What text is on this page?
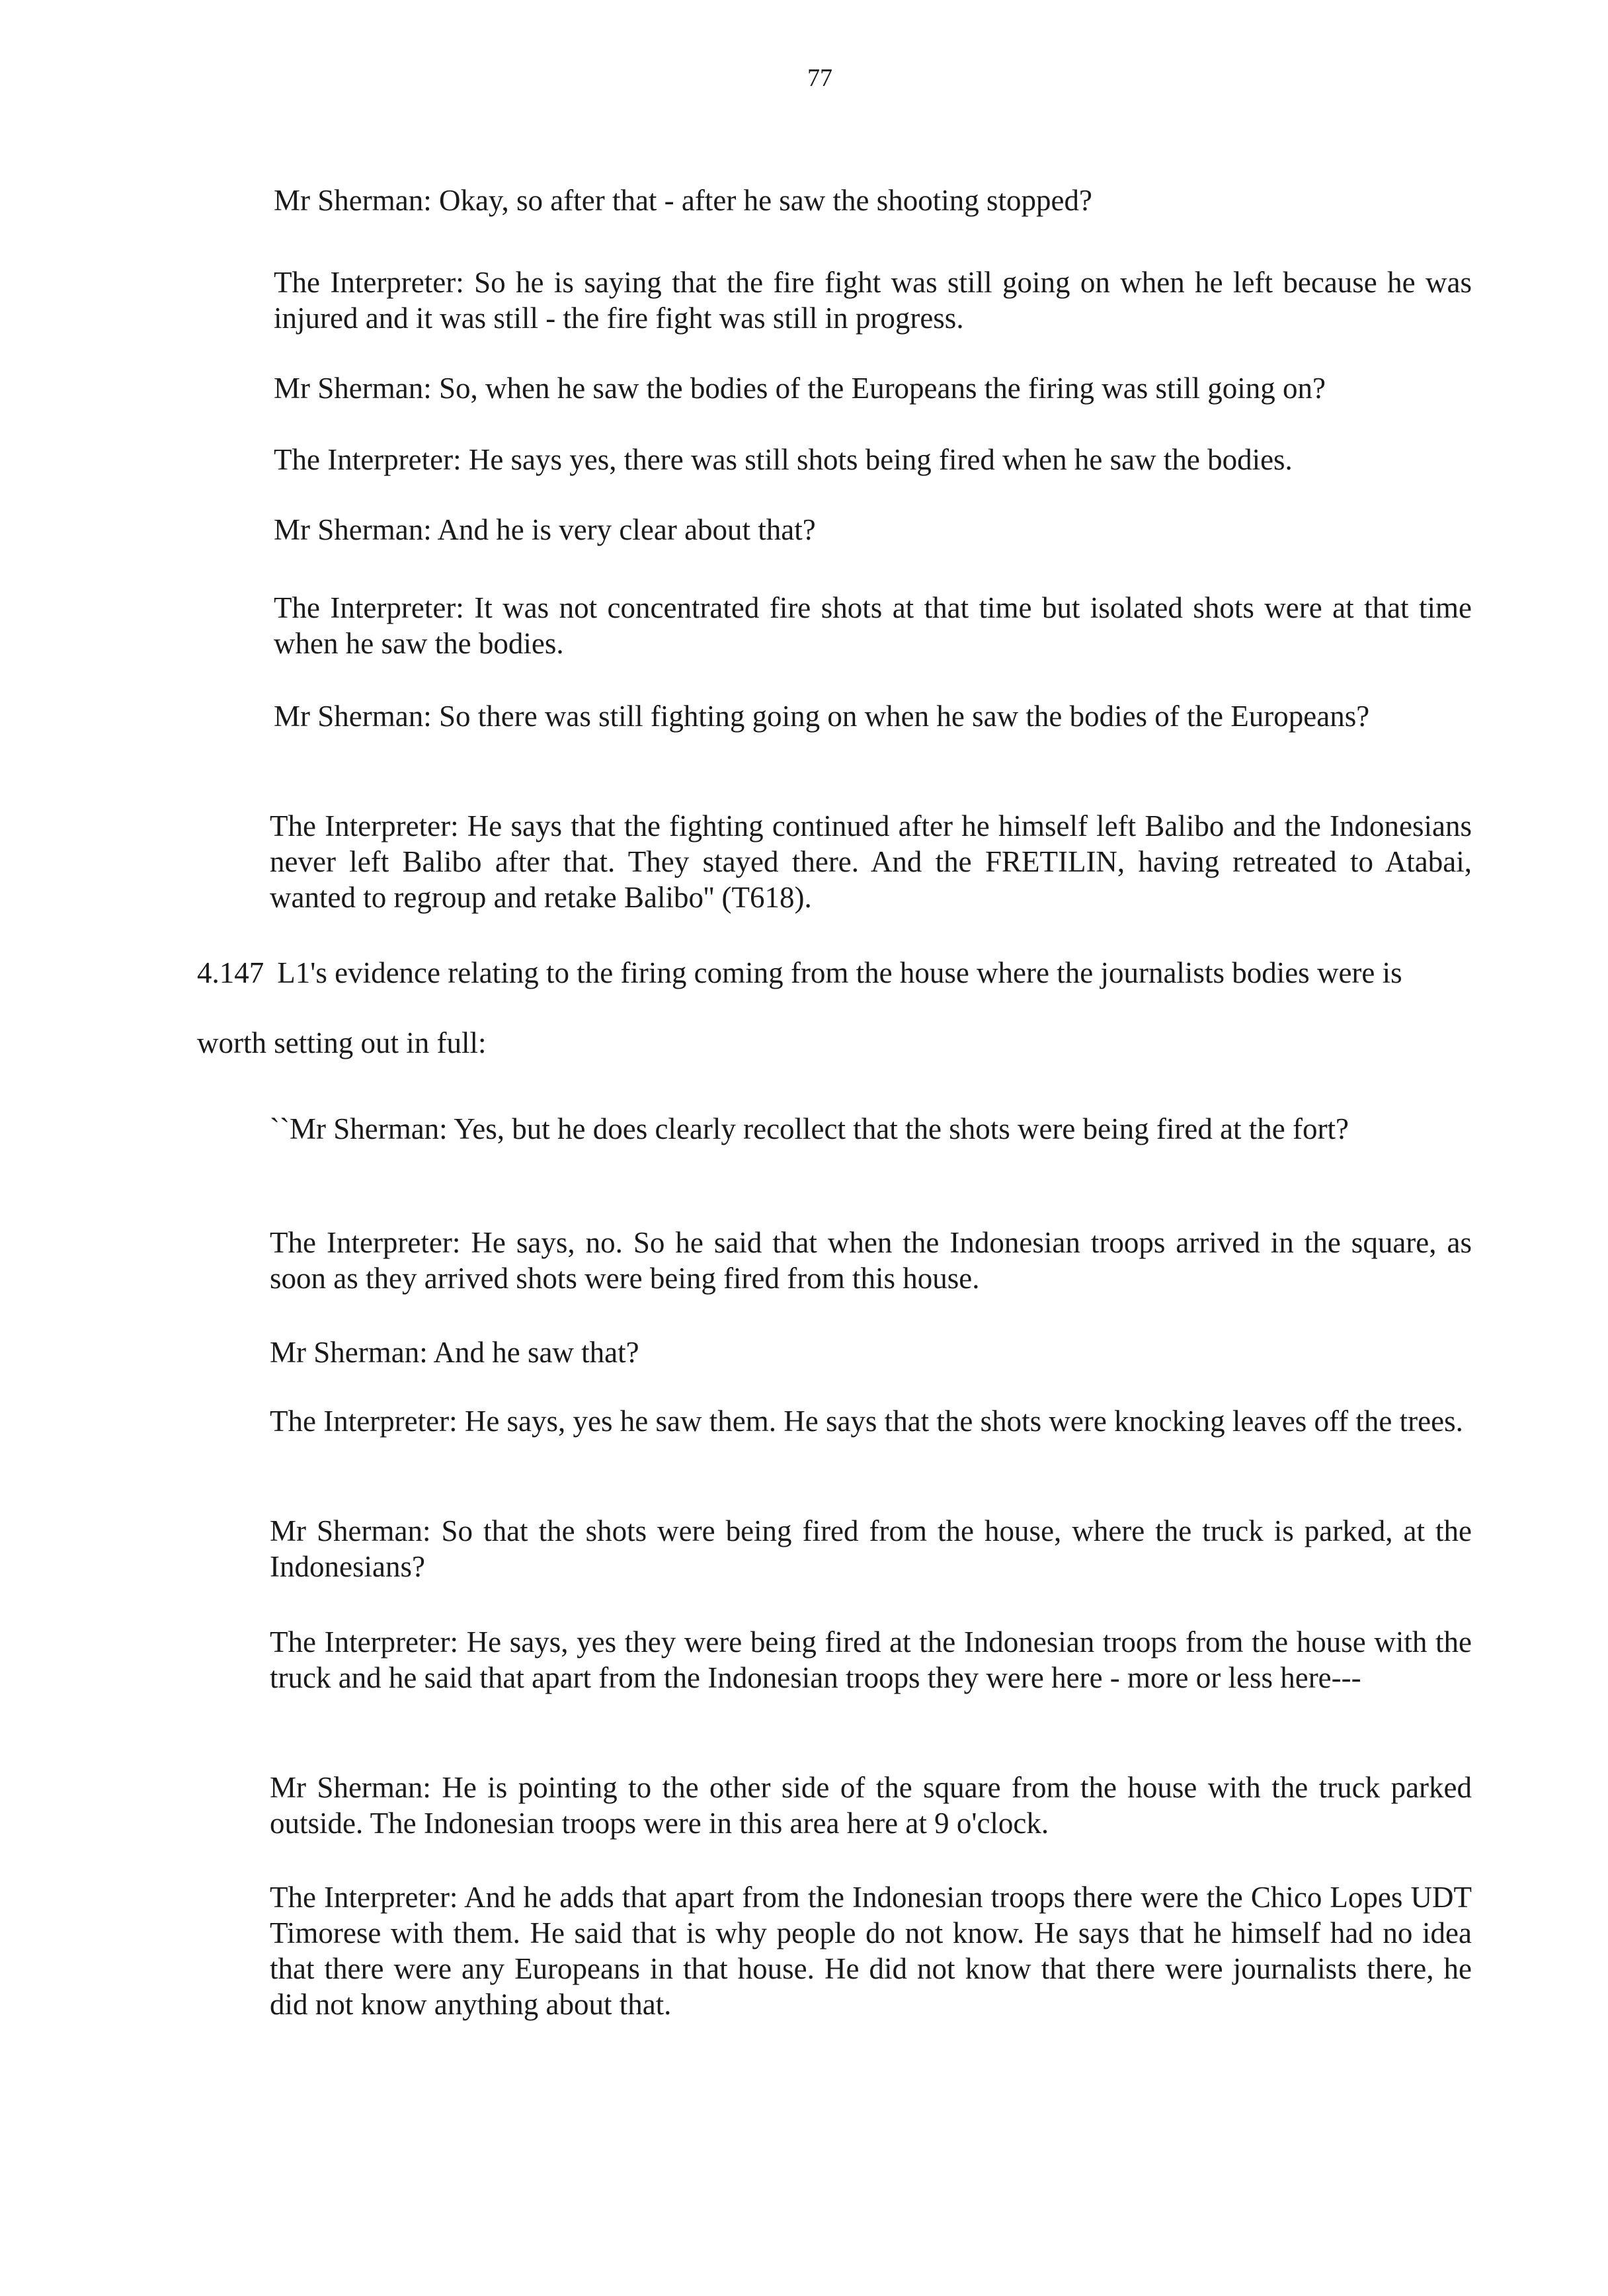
77

Mr Sherman: Okay, so after that - after he saw the shooting stopped?

The Interpreter: So he is saying that the fire fight was still going on when he left because he was injured and it was still - the fire fight was still in progress.

Mr Sherman: So, when he saw the bodies of the Europeans the firing was still going on?

The Interpreter: He says yes, there was still shots being fired when he saw the bodies.

Mr Sherman: And he is very clear about that?

The Interpreter: It was not concentrated fire shots at that time but isolated shots were at that time when he saw the bodies.

Mr Sherman: So there was still fighting going on when he saw the bodies of the Europeans?

The Interpreter: He says that the fighting continued after he himself left Balibo and the Indonesians never left Balibo after that. They stayed there. And the FRETILIN, having retreated to Atabai, wanted to regroup and retake Balibo'' (T618).

4.147 L1's evidence relating to the firing coming from the house where the journalists bodies were is worth setting out in full:

``Mr Sherman: Yes, but he does clearly recollect that the shots were being fired at the fort?

The Interpreter: He says, no. So he said that when the Indonesian troops arrived in the square, as soon as they arrived shots were being fired from this house.

Mr Sherman: And he saw that?

The Interpreter: He says, yes he saw them. He says that the shots were knocking leaves off the trees.

Mr Sherman: So that the shots were being fired from the house, where the truck is parked, at the Indonesians?

The Interpreter: He says, yes they were being fired at the Indonesian troops from the house with the truck and he said that apart from the Indonesian troops they were here - more or less here---

Mr Sherman: He is pointing to the other side of the square from the house with the truck parked outside. The Indonesian troops were in this area here at 9 o'clock.

The Interpreter: And he adds that apart from the Indonesian troops there were the Chico Lopes UDT Timorese with them. He said that is why people do not know. He says that he himself had no idea that there were any Europeans in that house. He did not know that there were journalists there, he did not know anything about that.
